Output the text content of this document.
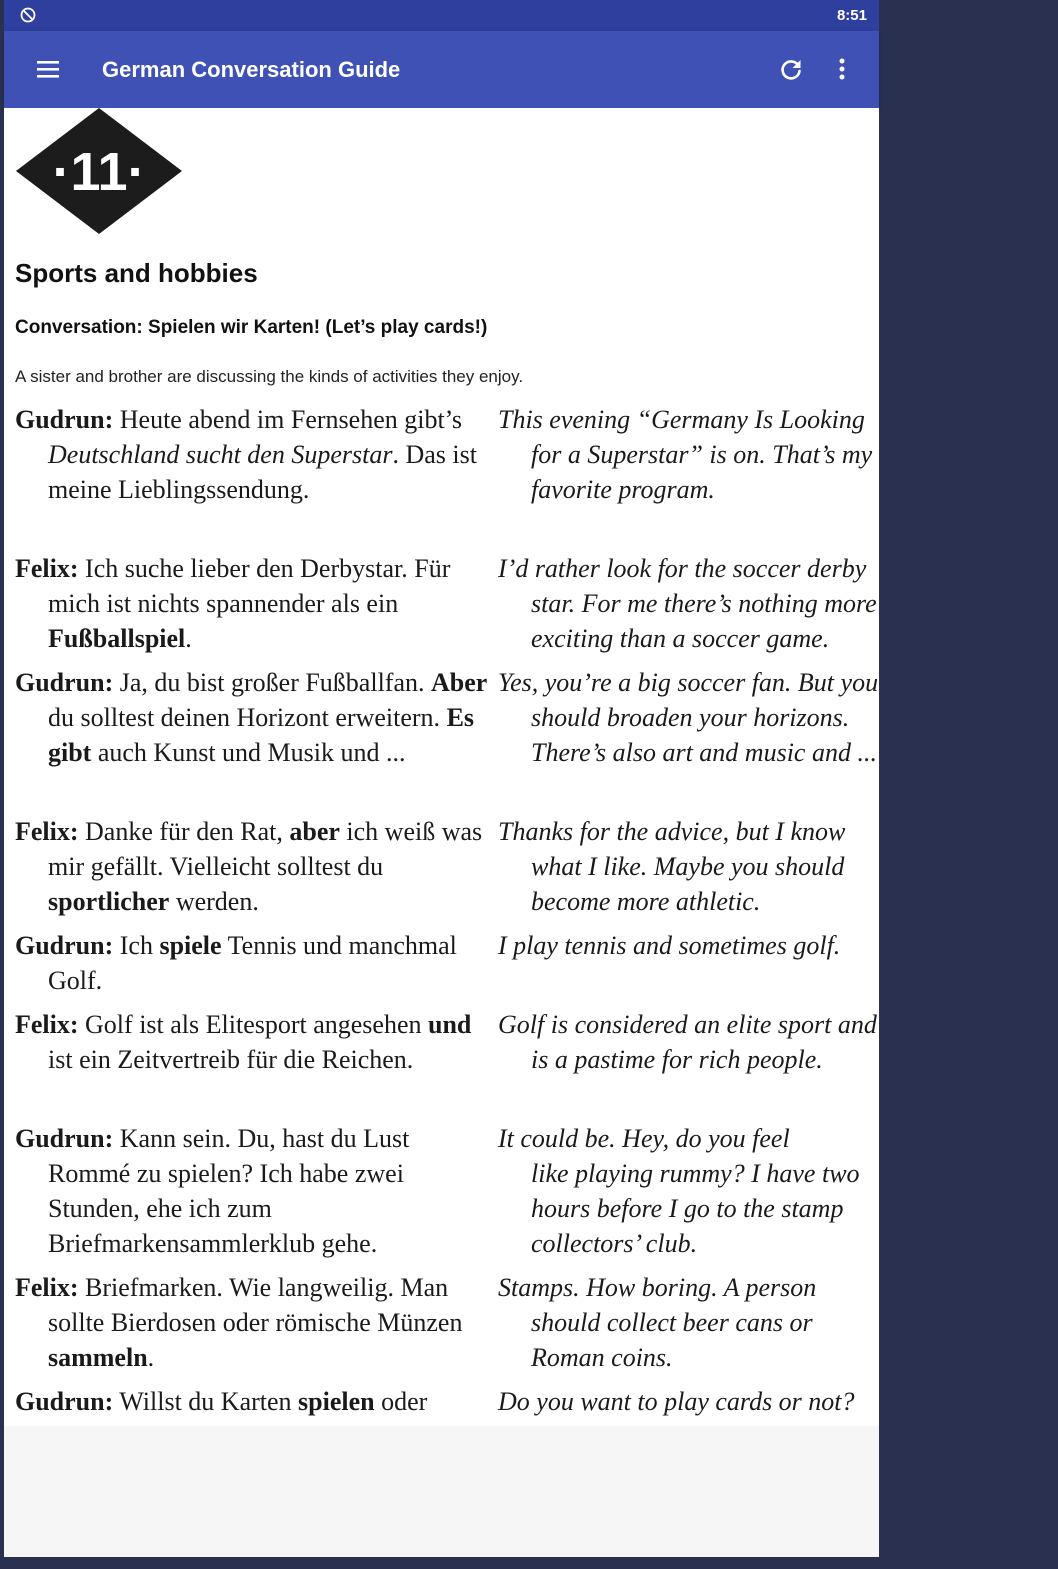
8:51
German Conversation Guide
·11·
Sports and hobbies
Conversation: Spielen wir Karten! (Let’s play cards!)
A sister and brother are discussing the kinds of activities they enjoy.
Gudrun: Heute abend im Fernsehen gibt’s Deutschland sucht den Superstar. Das ist meine Lieblingssendung.
This evening “Germany Is Looking
for a Superstar” is on. That’s my
favorite program.
Felix: Ich suche lieber den Derbystar. Für mich ist nichts spannender als ein Fußballspiel.
I’d rather look for the soccer derby
star. For me there’s nothing more
exciting than a soccer game.
Gudrun: Ja, du bist großer Fußballfan. Aber du solltest deinen Horizont erweitern. Es gibt auch Kunst und Musik und ...
Yes, you’re a big soccer fan. But you
should broaden your horizons.
There’s also art and music and ...
Felix: Danke für den Rat, aber ich weiß was mir gefällt. Vielleicht solltest du sportlicher werden.
Thanks for the advice, but I know
what I like. Maybe you should
become more athletic.
Gudrun: Ich spiele Tennis und manchmal Golf.
I play tennis and sometimes golf.
Felix: Golf ist als Elitesport angesehen und ist ein Zeitvertreib für die Reichen.
Golf is considered an elite sport and
is a pastime for rich people.
Gudrun: Kann sein. Du, hast du Lust Rommé zu spielen? Ich habe zwei Stunden, ehe ich zum Briefmarkensammlerklub gehe.
It could be. Hey, do you feel
like playing rummy? I have two
hours before I go to the stamp
collectors’ club.
Felix: Briefmarken. Wie langweilig. Man sollte Bierdosen oder römische Münzen sammeln.
Stamps. How boring. A person
should collect beer cans or
Roman coins.
Gudrun: Willst du Karten spielen oder	Do you want to play cards or not?
